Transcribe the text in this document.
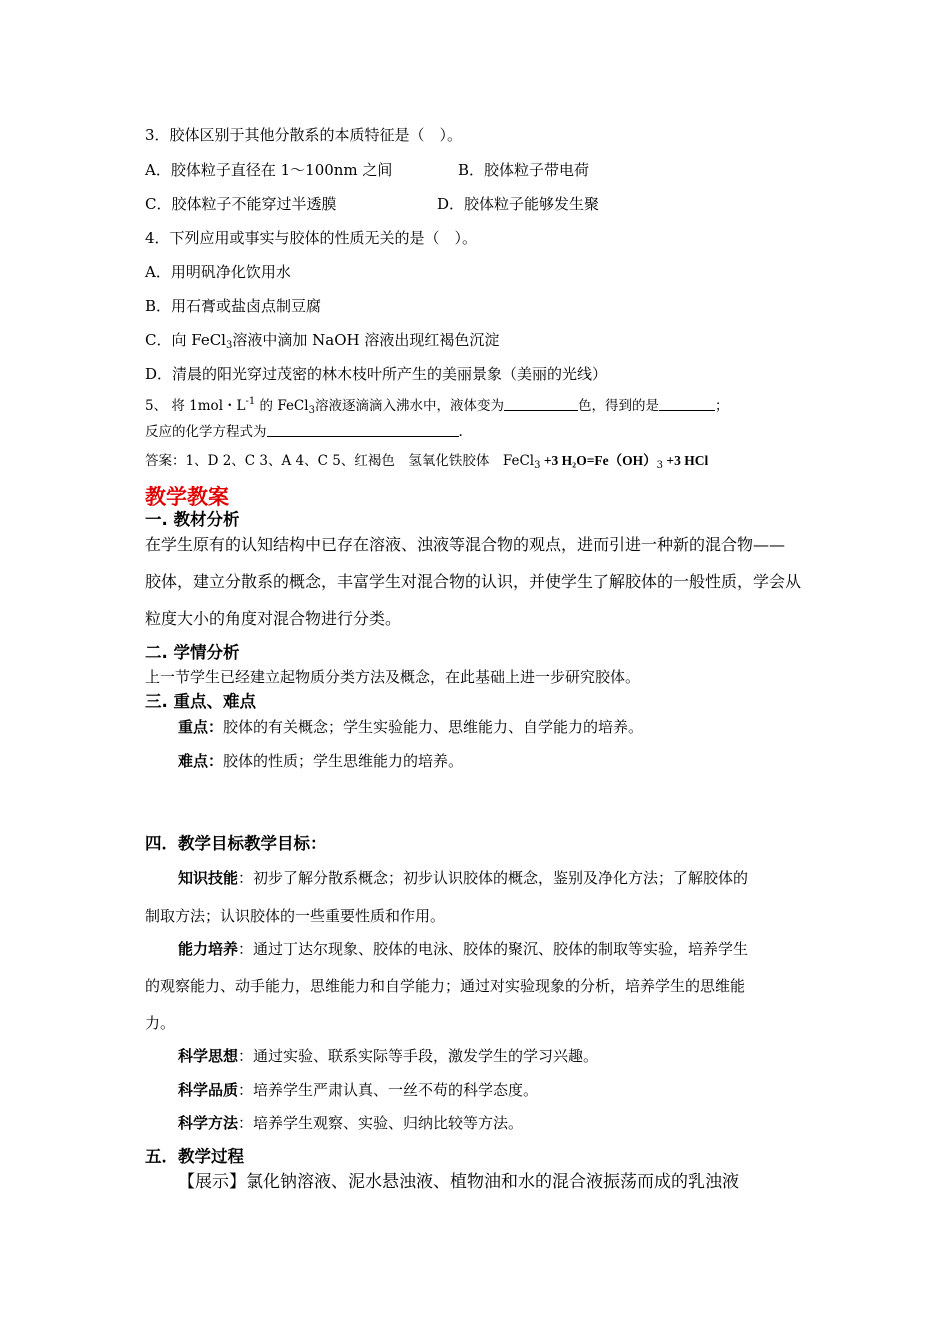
3．胶体区别于其他分散系的本质特征是（　）。
A．胶体粒子直径在 1～100nm 之间	B．胶体粒子带电荷
C．胶体粒子不能穿过半透膜	D．胶体粒子能够发生聚
4．下列应用或事实与胶体的性质无关的是（　）。
A．用明矾净化饮用水
B．用石膏或盐卤点制豆腐
C．向 FeCl$_3$溶液中滴加 NaOH 溶液出现红褐色沉淀
D．清晨的阳光穿过茂密的林木枝叶所产生的美丽景象（美丽的光线）
5、 将 1mol・$L^{-1}$ 的 FeCl$_3$溶液逐滴滴入沸水中，液体变为	色，得到的是	；
反应的化学方程式为	.
答案：1、D 2、C 3、A 4、C 5、红褐色　氢氧化铁胶体　FeCl$_3$ +3 $H_2O=Fe(OH)_3 +3$ HCl
教学教案
一. 教材分析
在学生原有的认知结构中已存在溶液、浊液等混合物的观点，进而引进一种新的混合物——
胶体，建立分散系的概念，丰富学生对混合物的认识，并使学生了解胶体的一般性质，学会从
粒度大小的角度对混合物进行分类。
二. 学情分析
上一节学生已经建立起物质分类方法及概念，在此基础上进一步研究胶体。
三. 重点、难点
重点：胶体的有关概念；学生实验能力、思维能力、自学能力的培养。
难点：胶体的性质；学生思维能力的培养。
四．教学目标教学目标：
知识技能：初步了解分散系概念；初步认识胶体的概念，鉴别及净化方法；了解胶体的
制取方法；认识胶体的一些重要性质和作用。
能力培养：通过丁达尔现象、胶体的电泳、胶体的聚沉、胶体的制取等实验，培养学生
的观察能力、动手能力，思维能力和自学能力；通过对实验现象的分析，培养学生的思维能
力。
科学思想：通过实验、联系实际等手段，激发学生的学习兴趣。
科学品质：培养学生严肃认真、一丝不苟的科学态度。
科学方法：培养学生观察、实验、归纳比较等方法。
五．教学过程
【展示】氯化钠溶液、泥水悬浊液、植物油和水的混合液振荡而成的乳浊液
